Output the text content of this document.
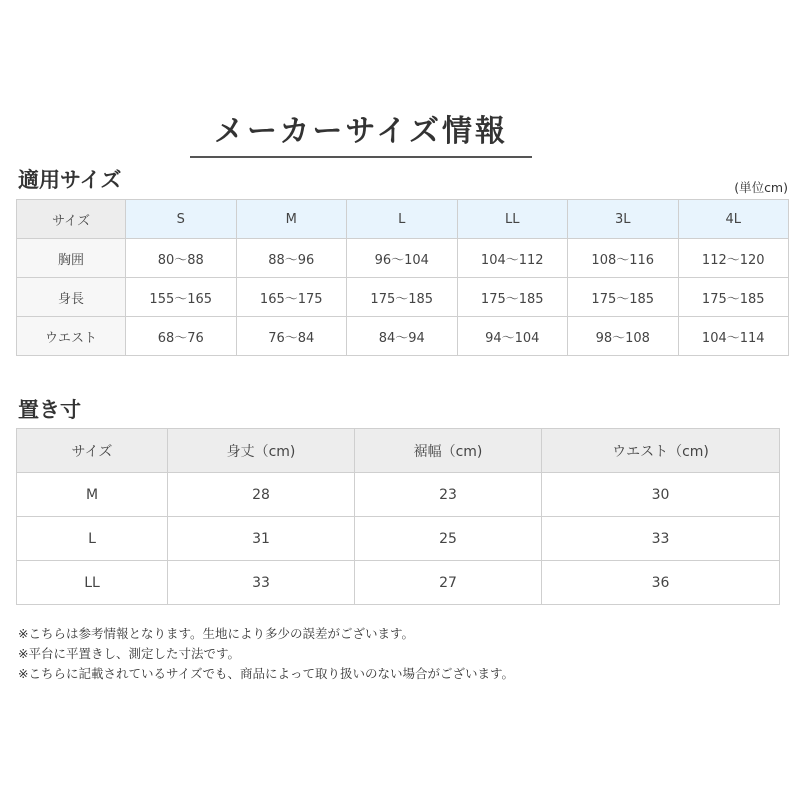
メーカーサイズ情報
適用サイズ	(単位cm)
サイズ	S	M	L	LL	3L	4L
胸囲	80〜88	88〜96	96〜104	104〜112	108〜116	112〜120
身長	155〜165	165〜175	175〜185	175〜185	175〜185	175〜185
ウエスト	68〜76	76〜84	84〜94	94〜104	98〜108	104〜114
置き寸
サイズ	身丈（cm)	裾幅（cm)	ウエスト（cm)
M	28	23	30
L	31	25	33
LL	33	27	36
※こちらは参考情報となります。生地により多少の誤差がございます。
※平台に平置きし、測定した寸法です。
※こちらに記載されているサイズでも、商品によって取り扱いのない場合がございます。
